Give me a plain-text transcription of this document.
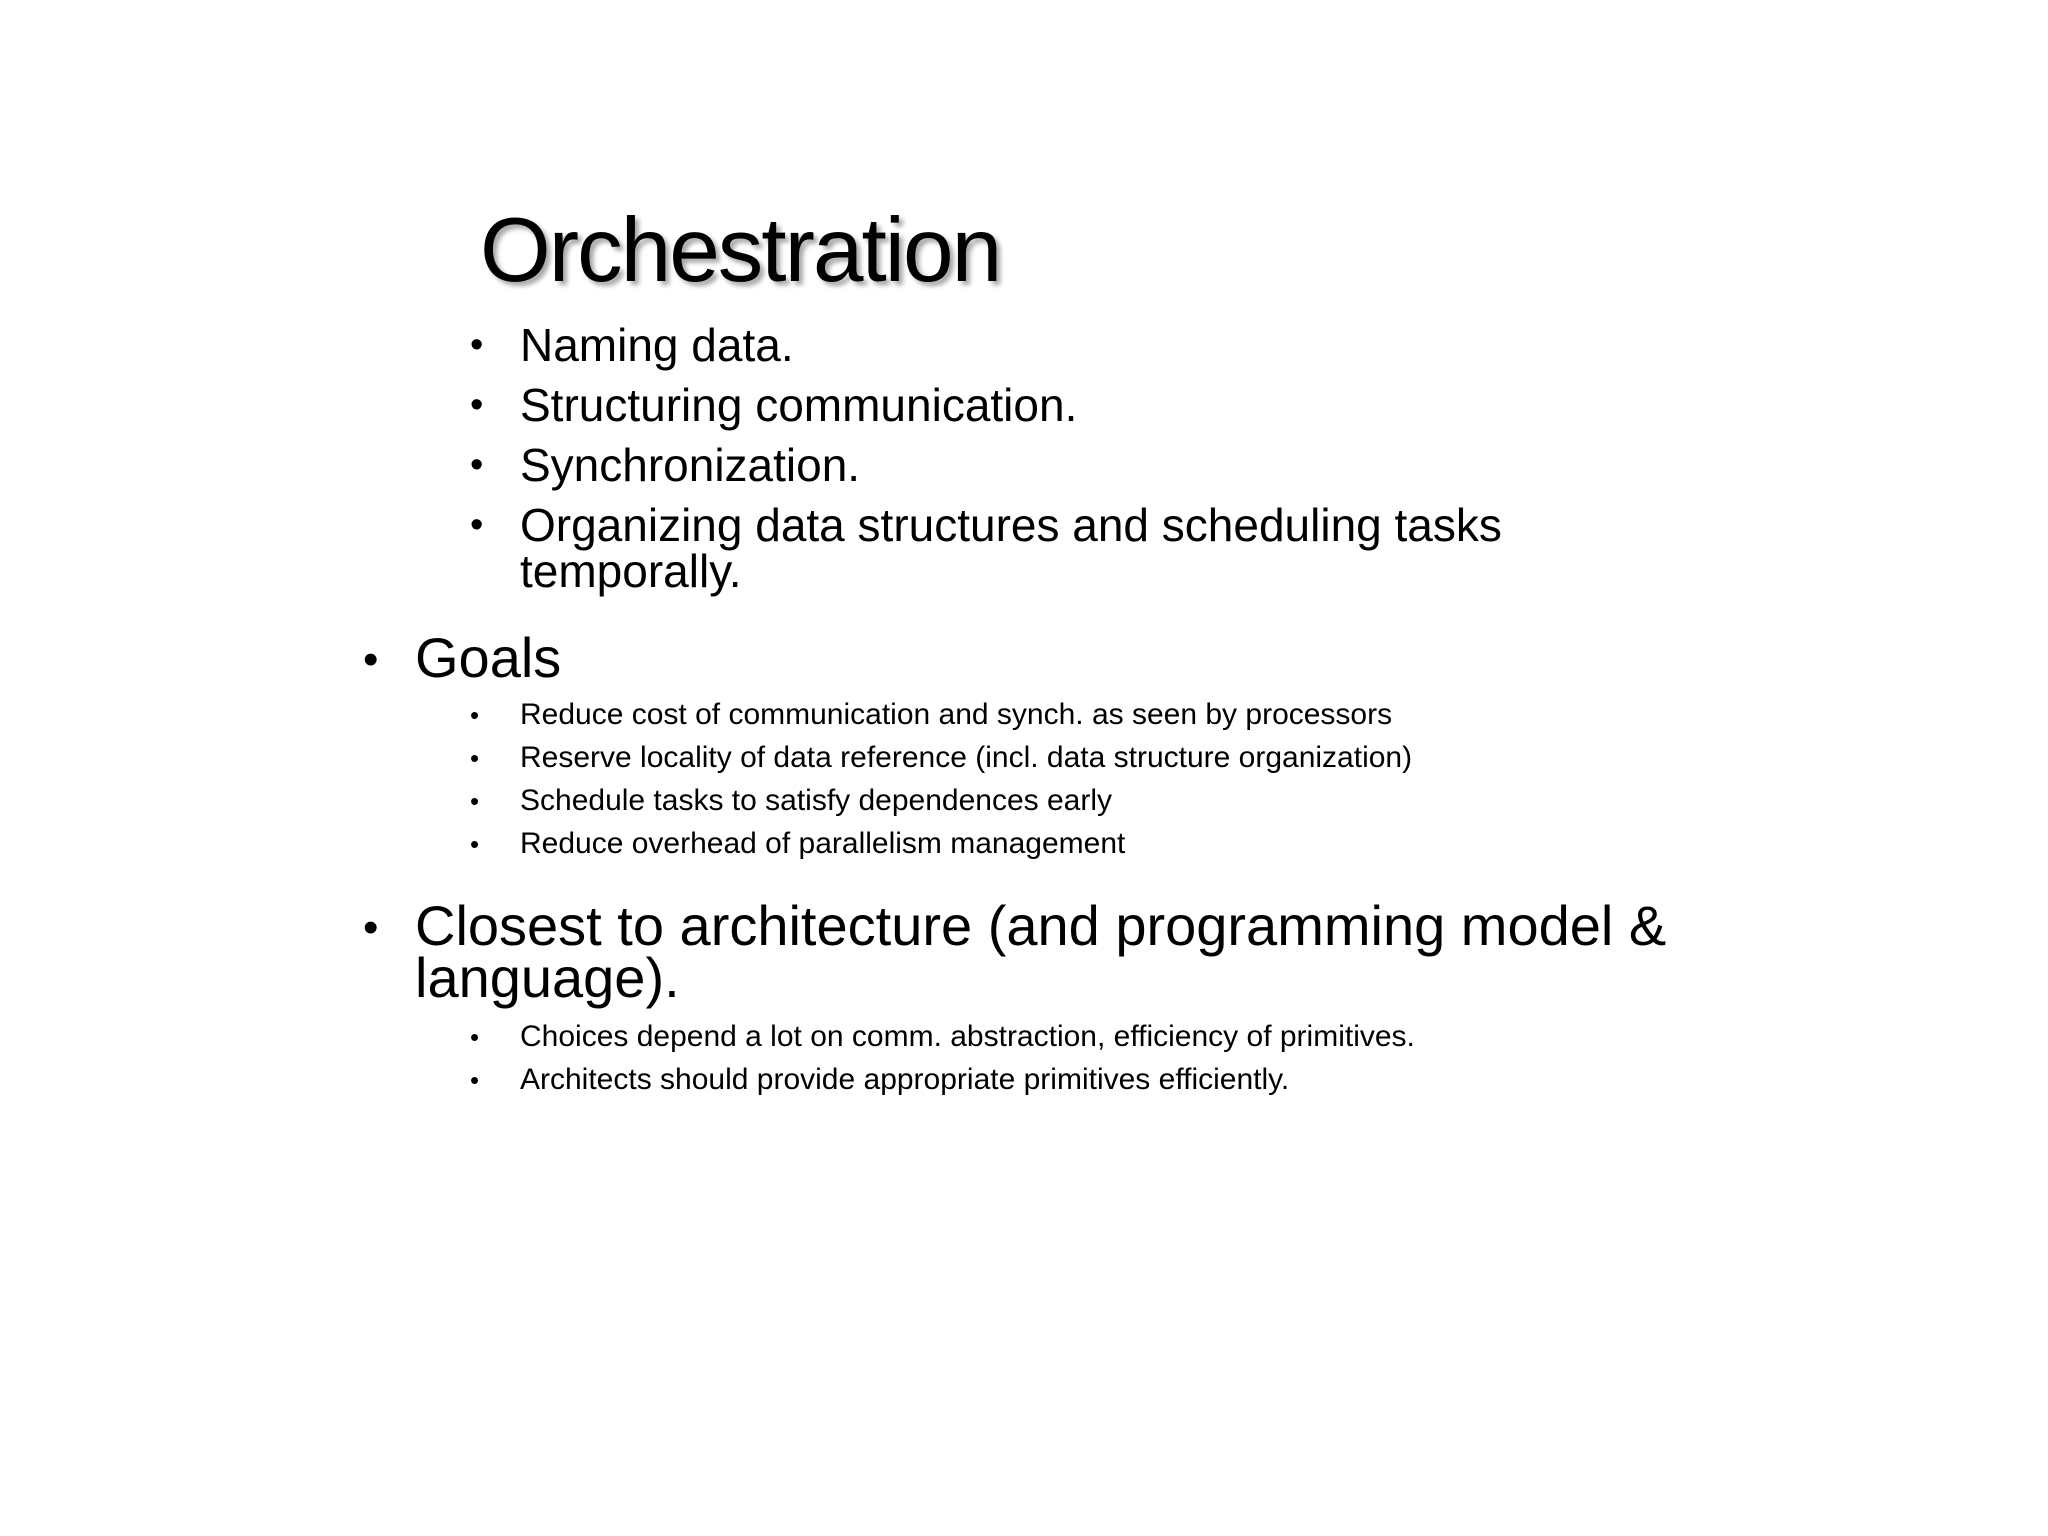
Orchestration
• Naming data.
• Structuring communication.
• Synchronization.
• Organizing data structures and scheduling tasks
temporally.
• Goals
• Reduce cost of communication and synch. as seen by processors
• Reserve locality of data reference (incl. data structure organization)
• Schedule tasks to satisfy dependences early
• Reduce overhead of parallelism management
• Closest to architecture (and programming model &
language).
• Choices depend a lot on comm. abstraction, efficiency of primitives.
• Architects should provide appropriate primitives efficiently.
